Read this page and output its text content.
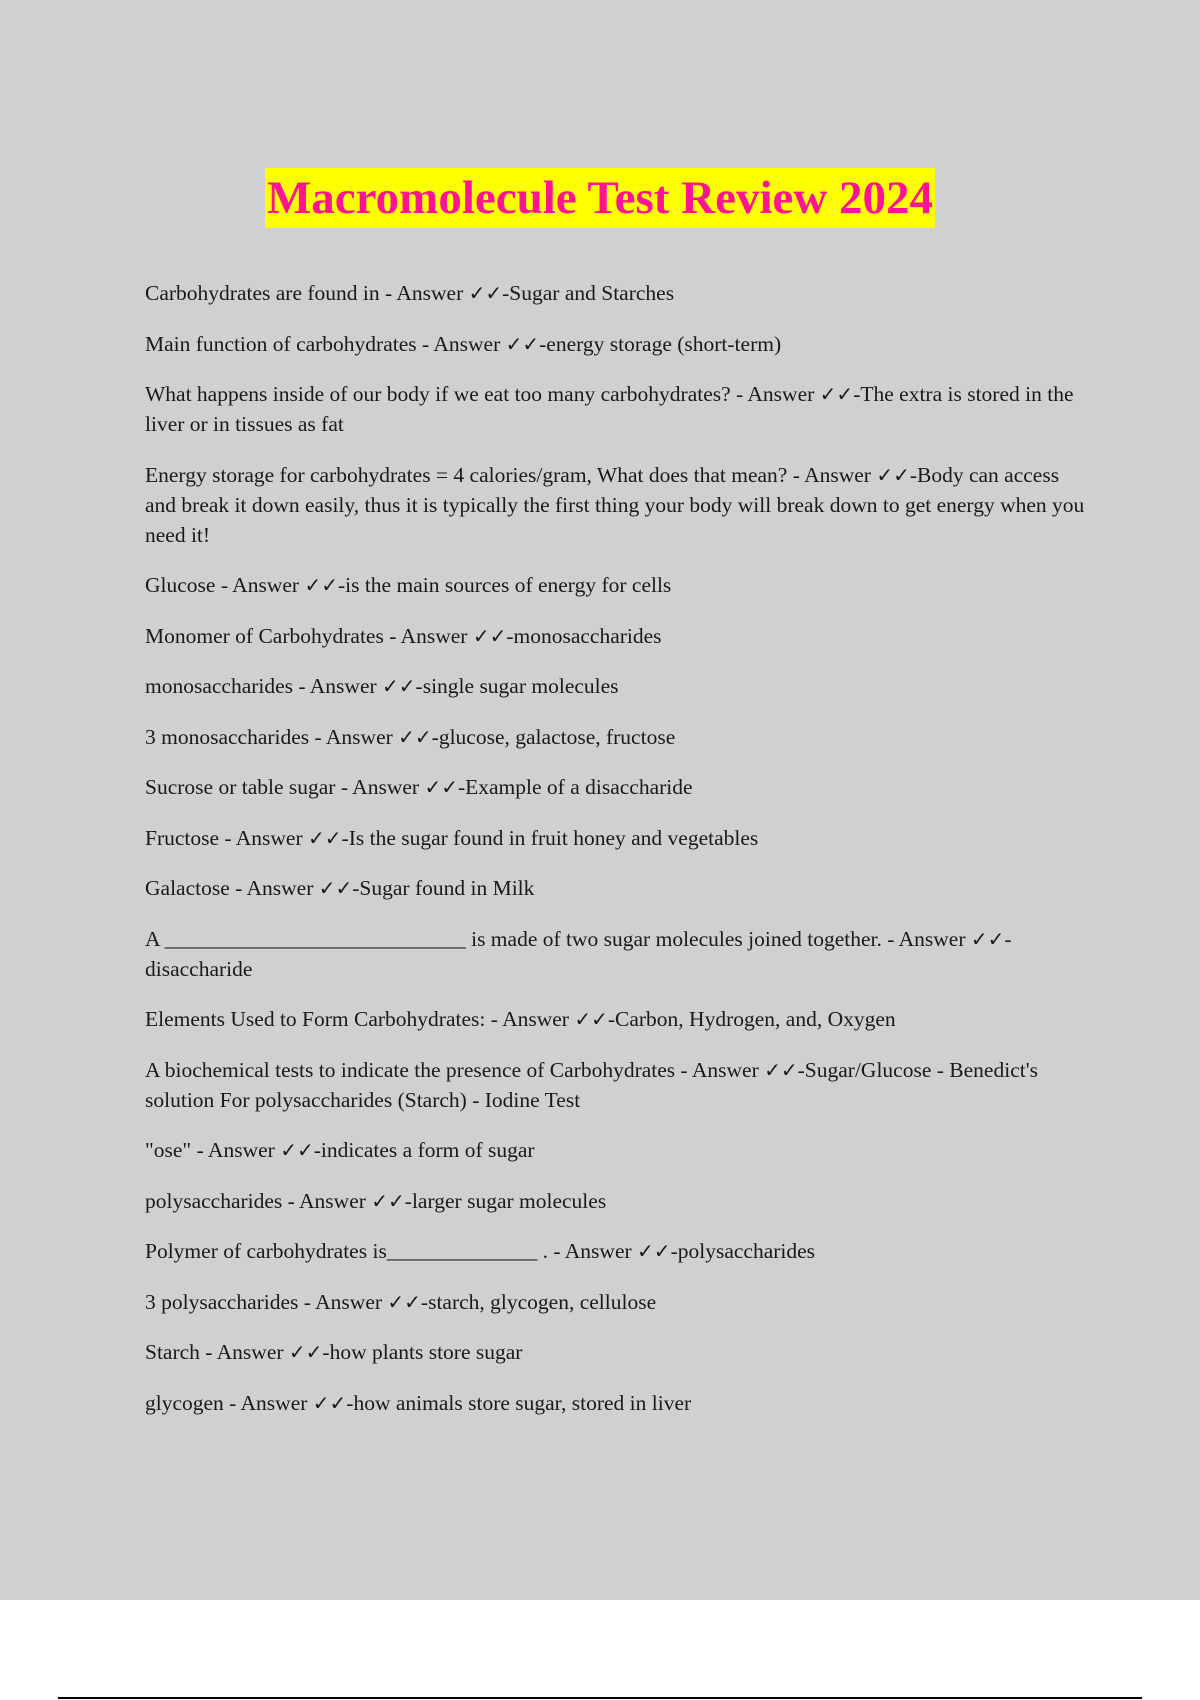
Macromolecule Test Review 2024

Carbohydrates are found in - Answer ✓✓-Sugar and Starches

Main function of carbohydrates - Answer ✓✓-energy storage (short-term)

What happens inside of our body if we eat too many carbohydrates? - Answer ✓✓-The extra is stored in the liver or in tissues as fat

Energy storage for carbohydrates = 4 calories/gram, What does that mean? - Answer ✓✓-Body can access and break it down easily, thus it is typically the first thing your body will break down to get energy when you need it!

Glucose - Answer ✓✓-is the main sources of energy for cells

Monomer of Carbohydrates - Answer ✓✓-monosaccharides

monosaccharides - Answer ✓✓-single sugar molecules

3 monosaccharides - Answer ✓✓-glucose, galactose, fructose

Sucrose or table sugar - Answer ✓✓-Example of a disaccharide

Fructose - Answer ✓✓-Is the sugar found in fruit honey and vegetables

Galactose - Answer ✓✓-Sugar found in Milk

A ____________________________ is made of two sugar molecules joined together. - Answer ✓✓-disaccharide

Elements Used to Form Carbohydrates: - Answer ✓✓-Carbon, Hydrogen, and, Oxygen

A biochemical tests to indicate the presence of Carbohydrates - Answer ✓✓-Sugar/Glucose - Benedict's solution For polysaccharides (Starch) - Iodine Test

"ose" - Answer ✓✓-indicates a form of sugar

polysaccharides - Answer ✓✓-larger sugar molecules

Polymer of carbohydrates is______________ . - Answer ✓✓-polysaccharides

3 polysaccharides - Answer ✓✓-starch, glycogen, cellulose

Starch - Answer ✓✓-how plants store sugar

glycogen - Answer ✓✓-how animals store sugar, stored in liver
